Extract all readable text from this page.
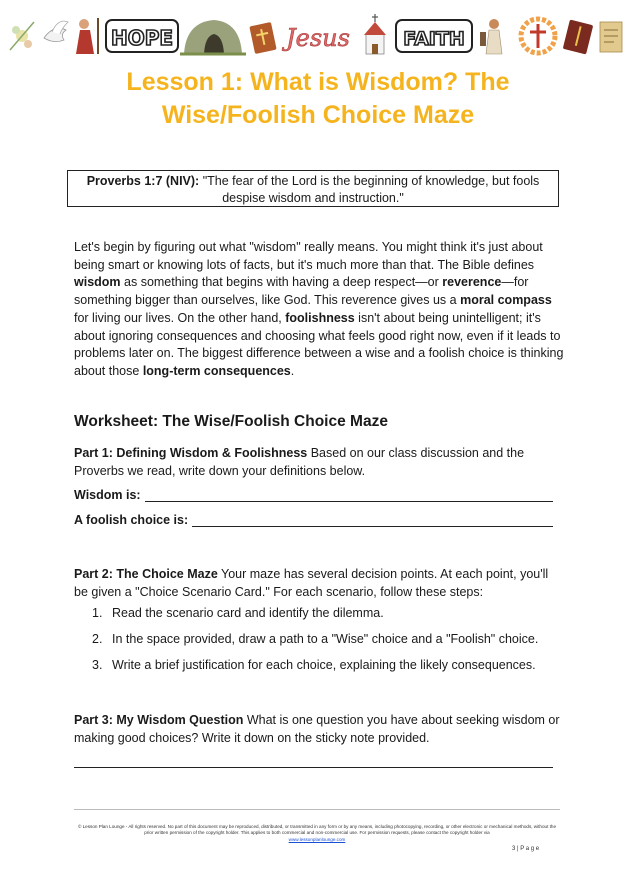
HOPE	Jesus	FAITH
Lesson 1: What is Wisdom? The
Wise/Foolish Choice Maze
Proverbs 1:7 (NIV): "The fear of the Lord is the beginning of knowledge, but fools despise wisdom and instruction."

Let's begin by figuring out what "wisdom" really means. You might think it's just about being smart or knowing lots of facts, but it's much more than that. The Bible defines wisdom as something that begins with having a deep respect—or reverence—for something bigger than ourselves, like God. This reverence gives us a moral compass for living our lives. On the other hand, foolishness isn't about being unintelligent; it's about ignoring consequences and choosing what feels good right now, even if it leads to problems later on. The biggest difference between a wise and a foolish choice is thinking about those long-term consequences.

Worksheet: The Wise/Foolish Choice Maze

Part 1: Defining Wisdom & Foolishness Based on our class discussion and the Proverbs we read, write down your definitions below.

Wisdom is:
A foolish choice is:

Part 2: The Choice Maze Your maze has several decision points. At each point, you'll be given a "Choice Scenario Card." For each scenario, follow these steps:

1. Read the scenario card and identify the dilemma.
2. In the space provided, draw a path to a "Wise" choice and a "Foolish" choice.
3. Write a brief justification for each choice, explaining the likely consequences.

Part 3: My Wisdom Question What is one question you have about seeking wisdom or making good choices? Write it down on the sticky note provided.

© Lesson Plan Lounge - All rights reserved. No part of this document may be reproduced, distributed, or transmitted in any form or by any means, including photocopying, recording, or other electronic or mechanical methods, without the prior written permission of the copyright holder. This applies to both commercial and non-commercial use. For permission requests, please contact the copyright holder via
www.lessonplanlounge.com
3 | P a g e
